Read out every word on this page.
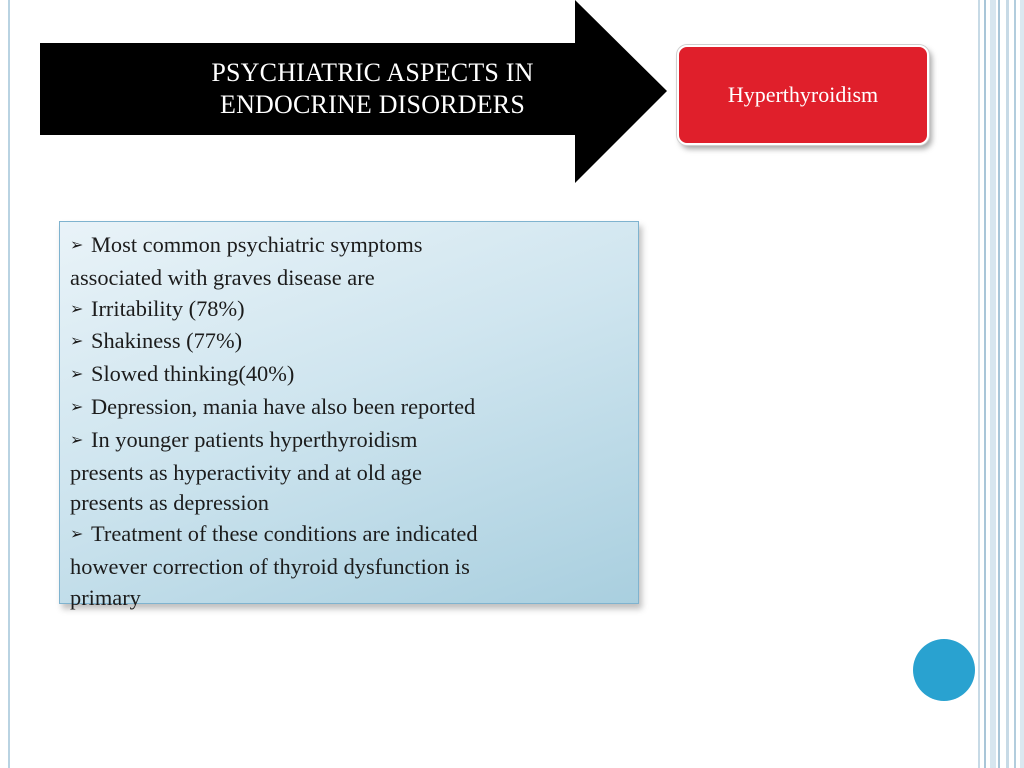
PSYCHIATRIC ASPECTS IN
ENDOCRINE DISORDERS	Hyperthyroidism
➢ Most common psychiatric symptoms
associated with graves disease are
➢ Irritability (78%)
➢ Shakiness (77%)
➢ Slowed thinking(40%)
➢ Depression, mania have also been reported
➢ In younger patients hyperthyroidism
presents as hyperactivity and at old age
presents as depression
➢ Treatment of these conditions are indicated
however correction of thyroid dysfunction is
primary
